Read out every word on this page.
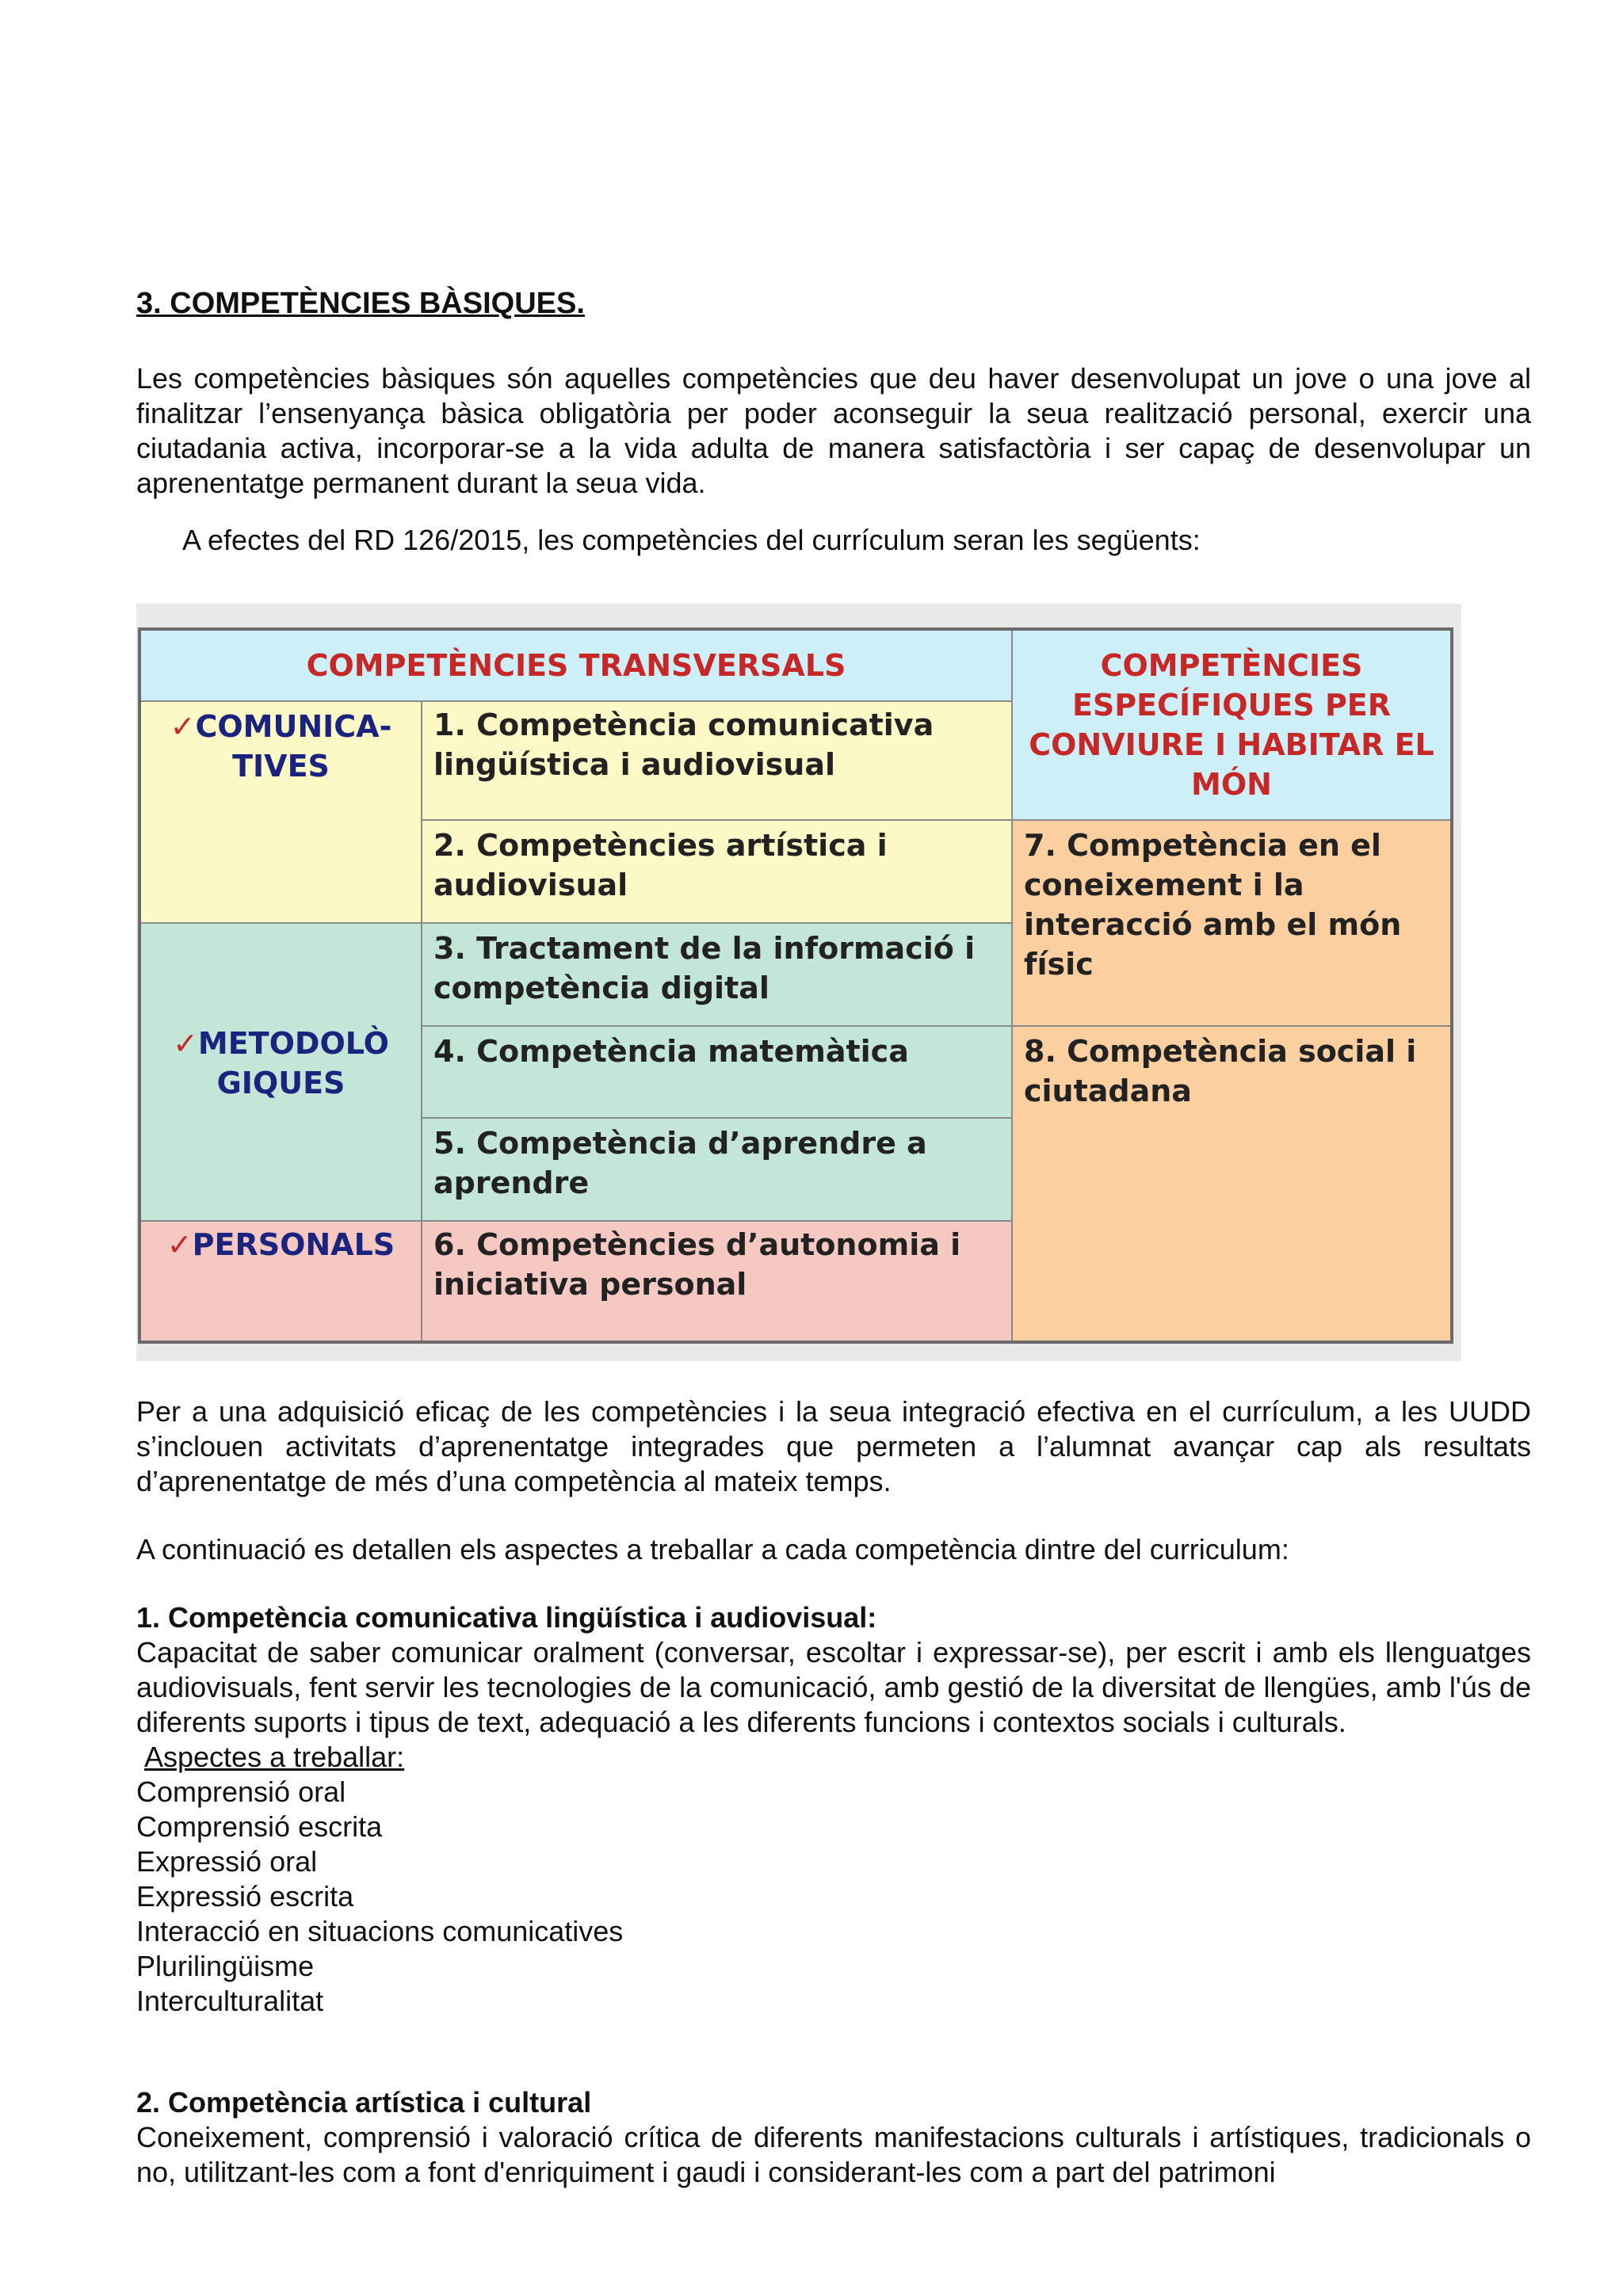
3. COMPETÈNCIES BÀSIQUES.

Les competències bàsiques són aquelles competències que deu haver desenvolupat un jove o una jove al finalitzar l’ensenyança bàsica obligatòria per poder aconseguir la seua realització personal, exercir una ciutadania activa, incorporar-se a la vida adulta de manera satisfactòria i ser capaç de desenvolupar un aprenentatge permanent durant la seua vida.

A efectes del RD 126/2015, les competències del currículum seran les següents:

COMPETÈNCIES TRANSVERSALS	COMPETÈNCIES ESPECÍFIQUES PER CONVIURE I HABITAR EL MÓN
✓COMUNICA-TIVES
✓METODOLÒ GIQUES
✓PERSONALS
1. Competència comunicativa lingüística i audiovisual
2. Competències artística i audiovisual
3. Tractament de la informació i competència digital
4. Competència matemàtica
5. Competència d’aprendre a aprendre
6. Competències d’autonomia i iniciativa personal
7. Competència en el coneixement i la interacció amb el món físic
8. Competència social i ciutadana

Per a una adquisició eficaç de les competències i la seua integració efectiva en el currículum, a les UUDD s’inclouen activitats d’aprenentatge integrades que permeten a l’alumnat avançar cap als resultats d’aprenentatge de més d’una competència al mateix temps.

A continuació es detallen els aspectes a treballar a cada competència dintre del curriculum:

1. Competència comunicativa lingüística i audiovisual:

Capacitat de saber comunicar oralment (conversar, escoltar i expressar-se), per escrit i amb els llenguatges audiovisuals, fent servir les tecnologies de la comunicació, amb gestió de la diversitat de llengües, amb l'ús de diferents suports i tipus de text, adequació a les diferents funcions i contextos socials i culturals.

Aspectes a treballar:
Comprensió oral
Comprensió escrita
Expressió oral
Expressió escrita
Interacció en situacions comunicatives
Plurilingüisme
Interculturalitat

2. Competència artística i cultural

Coneixement, comprensió i valoració crítica de diferents manifestacions culturals i artístiques, tradicionals o no, utilitzant-les com a font d'enriquiment i gaudi i considerant-les com a part del patrimoni
